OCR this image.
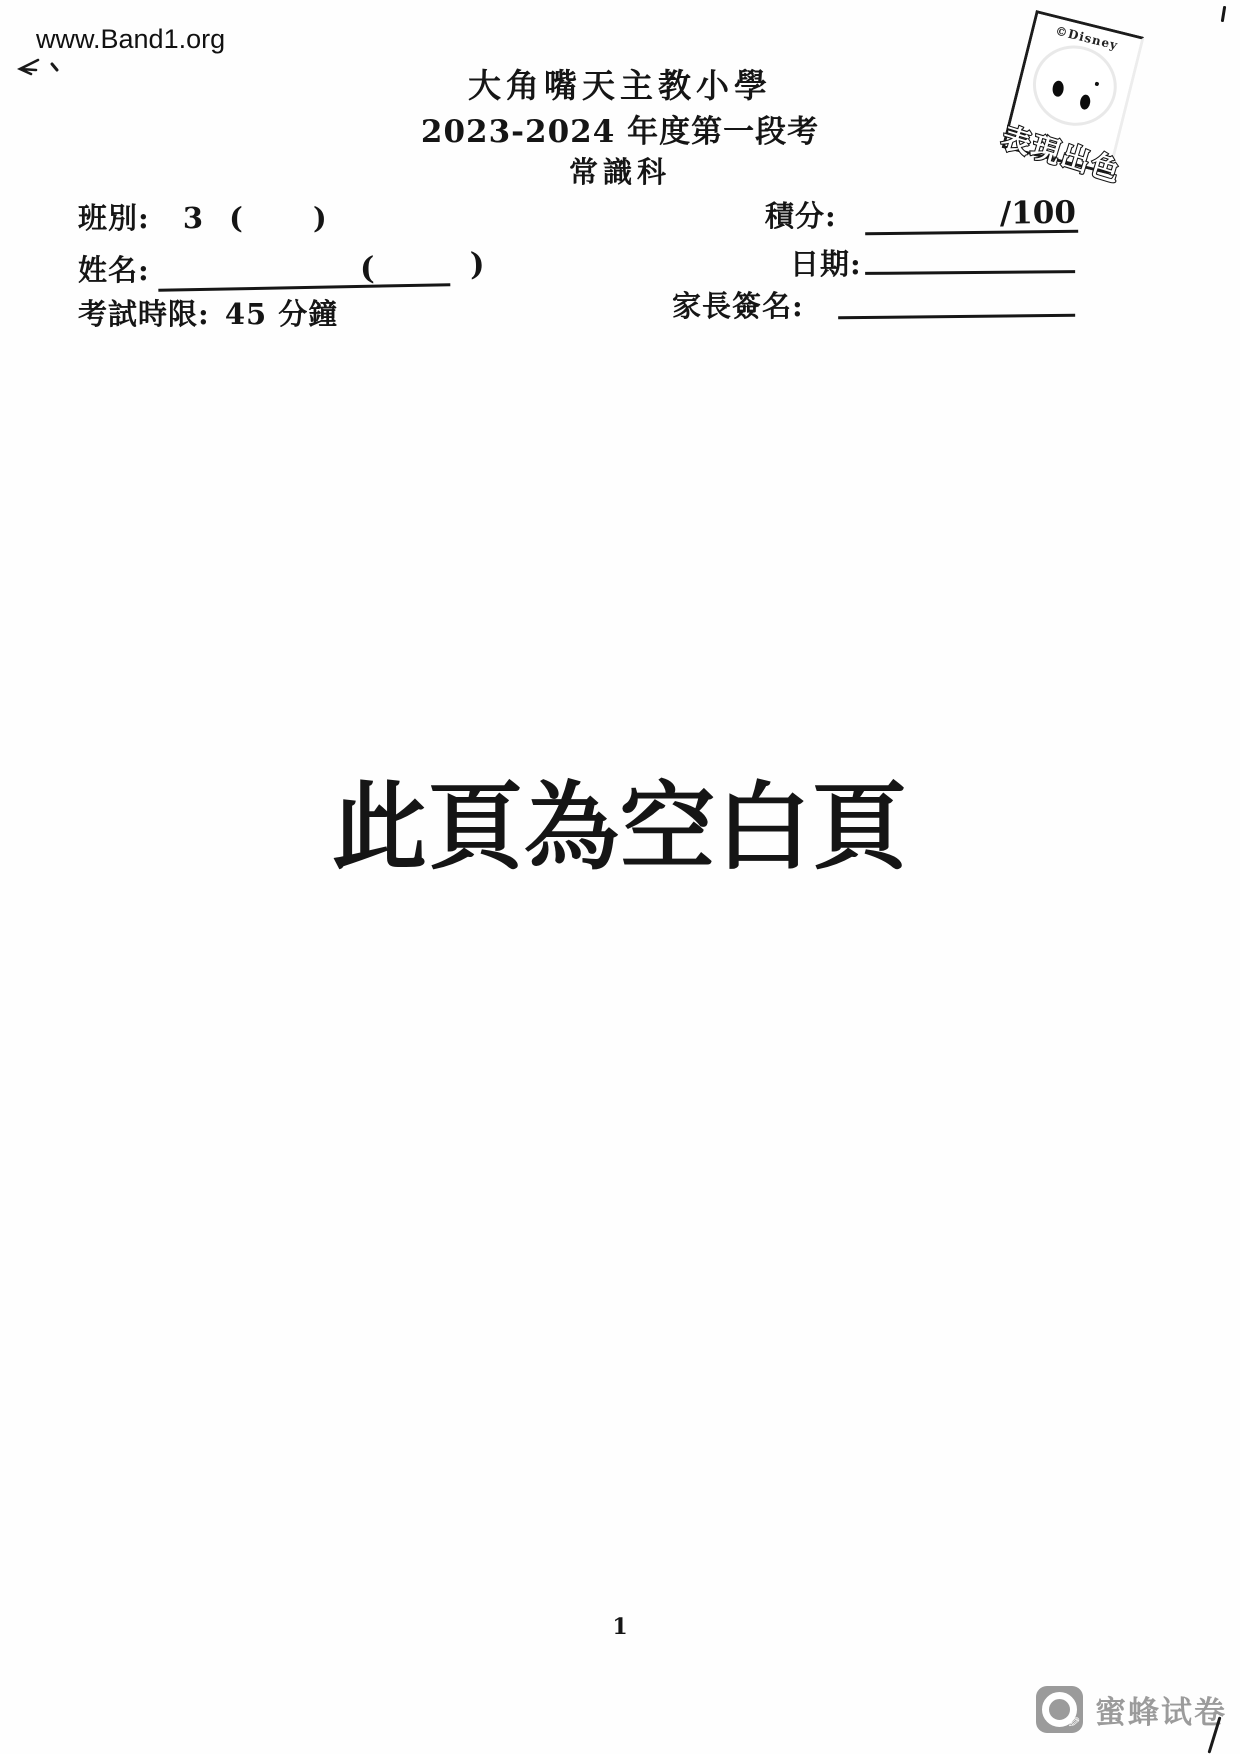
www.Band1.org
大角嘴天主教小學
2023-2024 年度第一段考
常識科
班別: 3 ( )
姓名:	(	)
考試時限: 45 分鐘
積分:	/100
日期:
家長簽名:
©Disney
表現出色
此頁為空白頁
1
✎ 蜜蜂试卷
